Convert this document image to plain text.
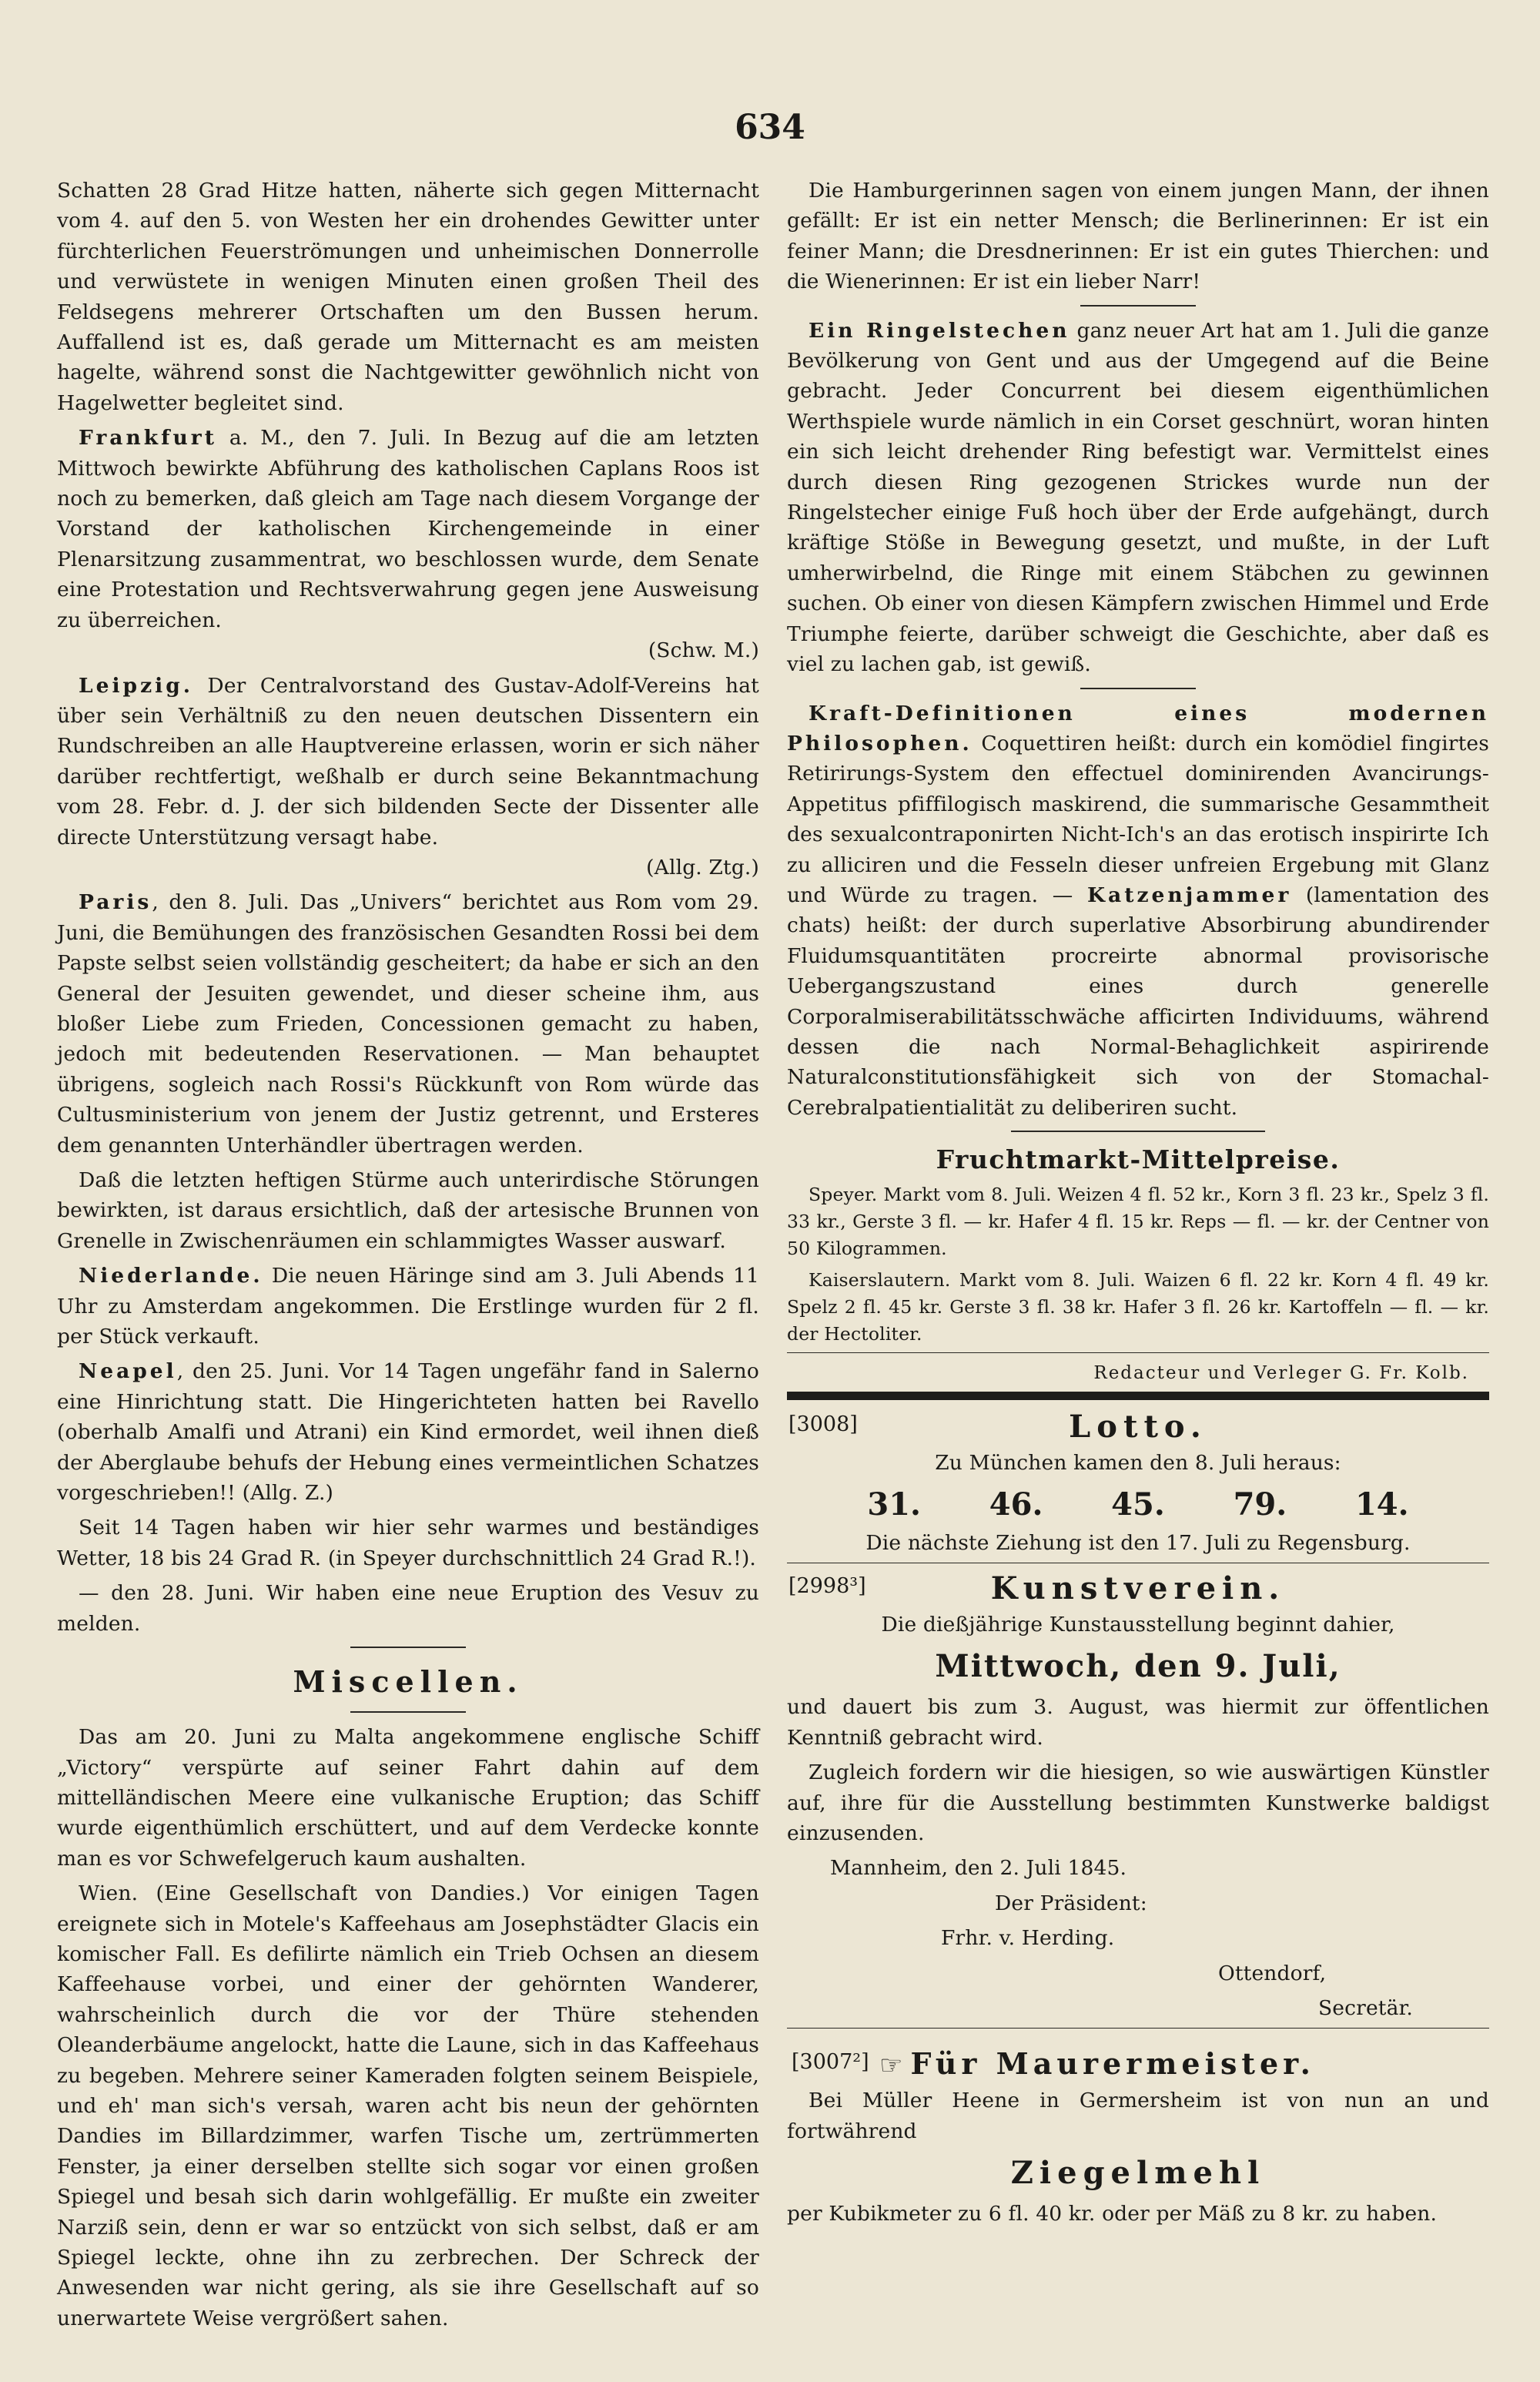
634

Schatten 28 Grad Hitze hatten, näherte sich gegen Mitternacht vom 4. auf den 5. von Westen her ein drohendes Gewitter unter fürchterlichen Feuerströmungen und unheimischen Donnerrolle und verwüstete in wenigen Minuten einen großen Theil des Feldsegens mehrerer Ortschaften um den Bussen herum. Auffallend ist es, daß gerade um Mitternacht es am meisten hagelte, während sonst die Nachtgewitter gewöhnlich nicht von Hagelwetter begleitet sind.

Frankfurt a. M., den 7. Juli. In Bezug auf die am letzten Mittwoch bewirkte Abführung des katholischen Caplans Roos ist noch zu bemerken, daß gleich am Tage nach diesem Vorgange der Vorstand der katholischen Kirchengemeinde in einer Plenarsitzung zusammentrat, wo beschlossen wurde, dem Senate eine Protestation und Rechtsverwahrung gegen jene Ausweisung zu überreichen.
(Schw. M.)

Leipzig. Der Centralvorstand des Gustav-Adolf-Vereins hat über sein Verhältniß zu den neuen deutschen Dissentern ein Rundschreiben an alle Hauptvereine erlassen, worin er sich näher darüber rechtfertigt, weßhalb er durch seine Bekanntmachung vom 28. Febr. d. J. der sich bildenden Secte der Dissenter alle directe Unterstützung versagt habe.
(Allg. Ztg.)

Paris, den 8. Juli. Das „Univers“ berichtet aus Rom vom 29. Juni, die Bemühungen des französischen Gesandten Rossi bei dem Papste selbst seien vollständig gescheitert; da habe er sich an den General der Jesuiten gewendet, und dieser scheine ihm, aus bloßer Liebe zum Frieden, Concessionen gemacht zu haben, jedoch mit bedeutenden Reservationen. — Man behauptet übrigens, sogleich nach Rossi's Rückkunft von Rom würde das Cultusministerium von jenem der Justiz getrennt, und Ersteres dem genannten Unterhändler übertragen werden.

Daß die letzten heftigen Stürme auch unterirdische Störungen bewirkten, ist daraus ersichtlich, daß der artesische Brunnen von Grenelle in Zwischenräumen ein schlammigtes Wasser auswarf.

Niederlande. Die neuen Häringe sind am 3. Juli Abends 11 Uhr zu Amsterdam angekommen. Die Erstlinge wurden für 2 fl. per Stück verkauft.

Neapel, den 25. Juni. Vor 14 Tagen ungefähr fand in Salerno eine Hinrichtung statt. Die Hingerichteten hatten bei Ravello (oberhalb Amalfi und Atrani) ein Kind ermordet, weil ihnen dieß der Aberglaube behufs der Hebung eines vermeintlichen Schatzes vorgeschrieben!! (Allg. Z.)

Seit 14 Tagen haben wir hier sehr warmes und beständiges Wetter, 18 bis 24 Grad R. (in Speyer durchschnittlich 24 Grad R.!).

— den 28. Juni. Wir haben eine neue Eruption des Vesuv zu melden.

Miscellen.

Das am 20. Juni zu Malta angekommene englische Schiff „Victory“ verspürte auf seiner Fahrt dahin auf dem mittelländischen Meere eine vulkanische Eruption; das Schiff wurde eigenthümlich erschüttert, und auf dem Verdecke konnte man es vor Schwefelgeruch kaum aushalten.

Wien. (Eine Gesellschaft von Dandies.) Vor einigen Tagen ereignete sich in Motele's Kaffeehaus am Josephstädter Glacis ein komischer Fall. Es defilirte nämlich ein Trieb Ochsen an diesem Kaffeehause vorbei, und einer der gehörnten Wanderer, wahrscheinlich durch die vor der Thüre stehenden Oleanderbäume angelockt, hatte die Laune, sich in das Kaffeehaus zu begeben. Mehrere seiner Kameraden folgten seinem Beispiele, und eh' man sich's versah, waren acht bis neun der gehörnten Dandies im Billardzimmer, warfen Tische um, zertrümmerten Fenster, ja einer derselben stellte sich sogar vor einen großen Spiegel und besah sich darin wohlgefällig. Er mußte ein zweiter Narziß sein, denn er war so entzückt von sich selbst, daß er am Spiegel leckte, ohne ihn zu zerbrechen. Der Schreck der Anwesenden war nicht gering, als sie ihre Gesellschaft auf so unerwartete Weise vergrößert sahen.

Die Hamburgerinnen sagen von einem jungen Mann, der ihnen gefällt: Er ist ein netter Mensch; die Berlinerinnen: Er ist ein feiner Mann; die Dresdnerinnen: Er ist ein gutes Thierchen: und die Wienerinnen: Er ist ein lieber Narr!

Ein Ringelstechen ganz neuer Art hat am 1. Juli die ganze Bevölkerung von Gent und aus der Umgegend auf die Beine gebracht. Jeder Concurrent bei diesem eigenthümlichen Werthspiele wurde nämlich in ein Corset geschnürt, woran hinten ein sich leicht drehender Ring befestigt war. Vermittelst eines durch diesen Ring gezogenen Strickes wurde nun der Ringelstecher einige Fuß hoch über der Erde aufgehängt, durch kräftige Stöße in Bewegung gesetzt, und mußte, in der Luft umherwirbelnd, die Ringe mit einem Stäbchen zu gewinnen suchen. Ob einer von diesen Kämpfern zwischen Himmel und Erde Triumphe feierte, darüber schweigt die Geschichte, aber daß es viel zu lachen gab, ist gewiß.

Kraft-Definitionen eines modernen Philosophen. Coquettiren heißt: durch ein komödiel fingirtes Retirirungs-System den effectuel dominirenden Avancirungs-Appetitus pfiffilogisch maskirend, die summarische Gesammtheit des sexualcontraponirten Nicht-Ich's an das erotisch inspirirte Ich zu alliciren und die Fesseln dieser unfreien Ergebung mit Glanz und Würde zu tragen. — Katzenjammer (lamentation des chats) heißt: der durch superlative Absorbirung abundirender Fluidumsquantitäten procreirte abnormal provisorische Uebergangszustand eines durch generelle Corporalmiserabilitätsschwäche afficirten Individuums, während dessen die nach Normal-Behaglichkeit aspirirende Naturalconstitutionsfähigkeit sich von der Stomachal-Cerebralpatientialität zu deliberiren sucht.

Fruchtmarkt-Mittelpreise.

Speyer. Markt vom 8. Juli. Weizen 4 fl. 52 kr., Korn 3 fl. 23 kr., Spelz 3 fl. 33 kr., Gerste 3 fl. — kr. Hafer 4 fl. 15 kr. Reps — fl. — kr. der Centner von 50 Kilogrammen.

Kaiserslautern. Markt vom 8. Juli. Waizen 6 fl. 22 kr. Korn 4 fl. 49 kr. Spelz 2 fl. 45 kr. Gerste 3 fl. 38 kr. Hafer 3 fl. 26 kr. Kartoffeln — fl. — kr. der Hectoliter.

Redacteur und Verleger G. Fr. Kolb.
[3008]	Lotto.

Zu München kamen den 8. Juli heraus:

31. 46. 45. 79. 14.

Die nächste Ziehung ist den 17. Juli zu Regensburg.

[2998³]	Kunstverein.

Die dießjährige Kunstausstellung beginnt dahier,

Mittwoch, den 9. Juli,

und dauert bis zum 3. August, was hiermit zur öffentlichen Kenntniß gebracht wird.

Zugleich fordern wir die hiesigen, so wie auswärtigen Künstler auf, ihre für die Ausstellung bestimmten Kunstwerke baldigst einzusenden.

Mannheim, den 2. Juli 1845.

Der Präsident:

Frhr. v. Herding.

Ottendorf,

Secretär.

[3007²] ☞ Für Maurermeister.

Bei Müller Heene in Germersheim ist von nun an und fortwährend

Ziegelmehl

per Kubikmeter zu 6 fl. 40 kr. oder per Mäß zu 8 kr. zu haben.
